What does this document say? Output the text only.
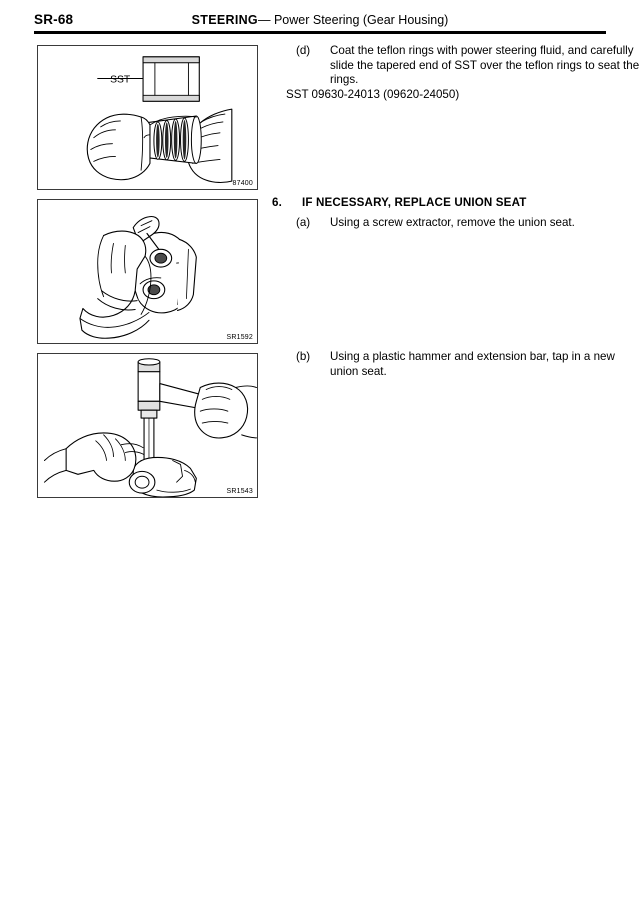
SR-68	STEERING— Power Steering (Gear Housing)
SST
87400
SR1592
SR1543
(d)	Coat the teflon rings with power steering fluid, and carefully slide the tapered end of SST over the teflon rings to seat the rings.
SST 09630-24013 (09620-24050)
6. IF NECESSARY, REPLACE UNION SEAT
(a)	Using a screw extractor, remove the union seat.
(b)	Using a plastic hammer and extension bar, tap in a new union seat.
